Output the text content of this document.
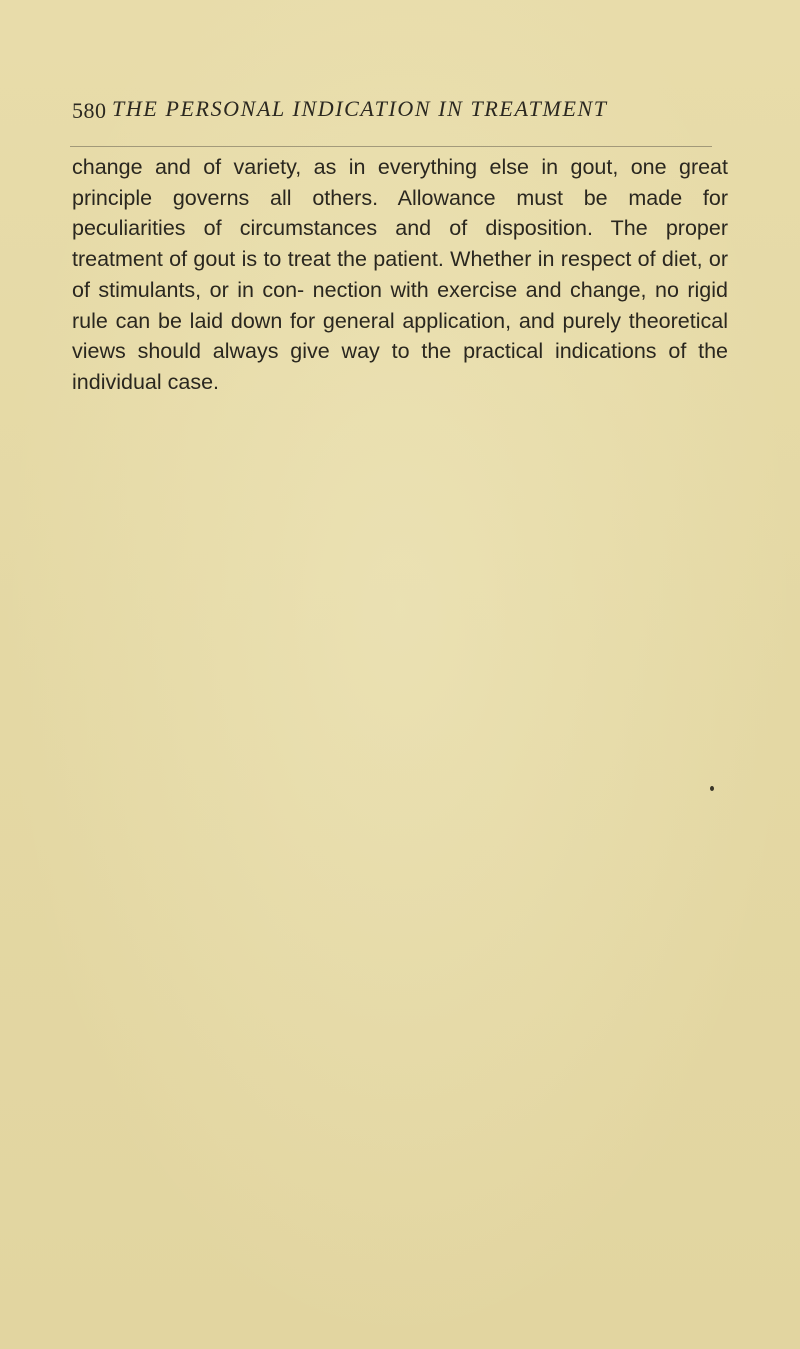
580 THE PERSONAL INDICATION IN TREATMENT

change and of variety, as in everything else in gout, one great principle governs all others. Allowance must be made for peculiarities of circumstances and of disposition. The proper treatment of gout is to treat the patient. Whether in respect of diet, or of stimulants, or in con- nection with exercise and change, no rigid rule can be laid down for general application, and purely theoretical views should always give way to the practical indications of the individual case.
